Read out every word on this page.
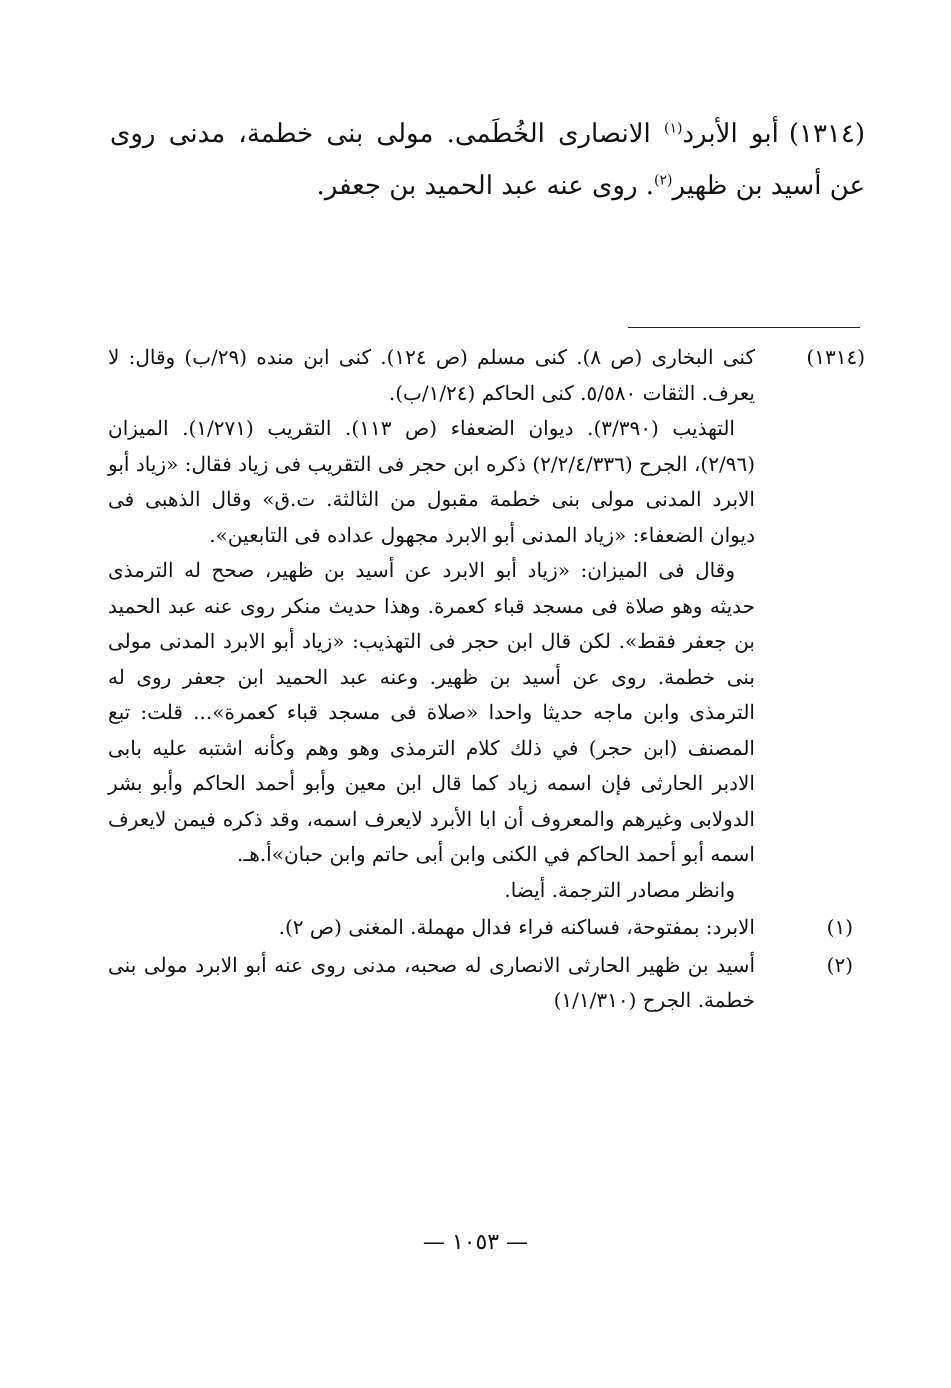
(١٣١٤)أبو الأبرد$^{(١)}$ الانصارى الخُطَمى. مولى بنى خطمة، مدنى روى عن أسيد بن ظهير$^{(٢)}$. روى عنه عبد الحميد بن جعفر.
(١٣١٤)

كنى البخارى (ص ٨). كنى مسلم (ص ١٢٤). كنى ابن منده (٢٩/ب) وقال: لا يعرف. الثقات ٥/٥٨٠. كنى الحاكم (١/٢٤/ب).

التهذيب (٣/٣٩٠). ديوان الضعفاء (ص ١١٣). التقريب (١/٢٧١). الميزان (٢/٩٦)، الجرح (٢/٢/٤/٣٣٦) ذكره ابن حجر فى التقريب فى زياد فقال: «زياد أبو الابرد المدنى مولى بنى خطمة مقبول من الثالثة. ت.ق» وقال الذهبى فى ديوان الضعفاء: «زياد المدنى أبو الابرد مجهول عداده فى التابعين».

وقال فى الميزان: «زياد أبو الابرد عن أسيد بن ظهير، صحح له الترمذى حديثه وهو صلاة فى مسجد قباء كعمرة. وهذا حديث منكر روى عنه عبد الحميد بن جعفر فقط». لكن قال ابن حجر فى التهذيب: «زياد أبو الابرد المدنى مولى بنى خطمة. روى عن أسيد بن ظهير. وعنه عبد الحميد ابن جعفر روى له الترمذى وابن ماجه حديثا واحدا «صلاة فى مسجد قباء كعمرة»... قلت: تبع المصنف (ابن حجر) في ذلك كلام الترمذى وهو وهم وكأنه اشتبه عليه بابى الادبر الحارثى فإن اسمه زياد كما قال ابن معين وأبو أحمد الحاكم وأبو بشر الدولابى وغيرهم والمعروف أن ابا الأبرد لايعرف اسمه، وقد ذكره فيمن لايعرف اسمه أبو أحمد الحاكم في الكنى وابن أبى حاتم وابن حبان»أ.هـ.

وانظر مصادر الترجمة. أيضا.

(١)

الابرد: بمفتوحة، فساكنه فراء فدال مهملة. المغنى (ص ٢).

(٢)

أسيد بن ظهير الحارثى الانصارى له صحبه، مدنى روى عنه أبو الابرد مولى بنى خطمة. الجرح (١/١/٣١٠)

— ١٠٥٣ —
